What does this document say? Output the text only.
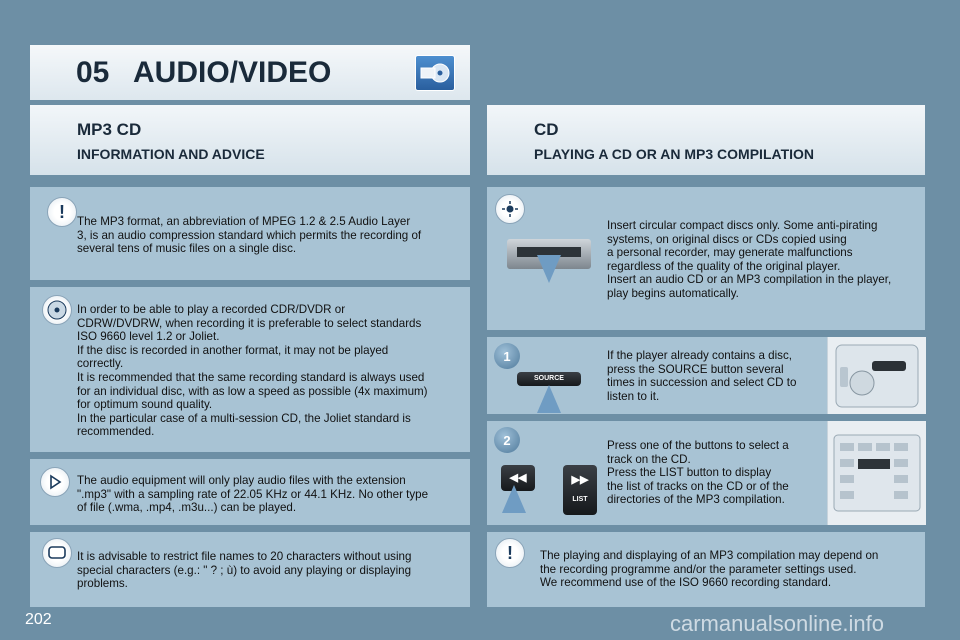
05 AUDIO/VIDEO
MP3 CD
INFORMATION AND ADVICE
CD
PLAYING A CD OR AN MP3 COMPILATION
!	The MP3 format, an abbreviation of MPEG 1.2 & 2.5 Audio Layer
3, is an audio compression standard which permits the recording of
several tens of music files on a single disc.
In order to be able to play a recorded CDR/DVDR or
CDRW/DVDRW, when recording it is preferable to select standards
ISO 9660 level 1.2 or Joliet.
If the disc is recorded in another format, it may not be played
correctly.
It is recommended that the same recording standard is always used
for an individual disc, with as low a speed as possible (4x maximum)
for optimum sound quality.
In the particular case of a multi-session CD, the Joliet standard is
recommended.
The audio equipment will only play audio files with the extension
".mp3" with a sampling rate of 22.05 KHz or 44.1 KHz. No other type
of file (.wma, .mp4, .m3u...) can be played.
It is advisable to restrict file names to 20 characters without using
special characters (e.g.: " ? ; ù) to avoid any playing or displaying
problems.
Insert circular compact discs only. Some anti-pirating
systems, on original discs or CDs copied using
a personal recorder, may generate malfunctions
regardless of the quality of the original player.
Insert an audio CD or an MP3 compilation in the player,
play begins automatically.
1
SOURCE
If the player already contains a disc,
press the SOURCE button several
times in succession and select CD to
listen to it.
2
◀◀	▶▶
LIST
Press one of the buttons to select a
track on the CD.
Press the LIST button to display
the list of tracks on the CD or of the
directories of the MP3 compilation.
!	The playing and displaying of an MP3 compilation may depend on
the recording programme and/or the parameter settings used.
We recommend use of the ISO 9660 recording standard.
202	carmanualsonline.info
